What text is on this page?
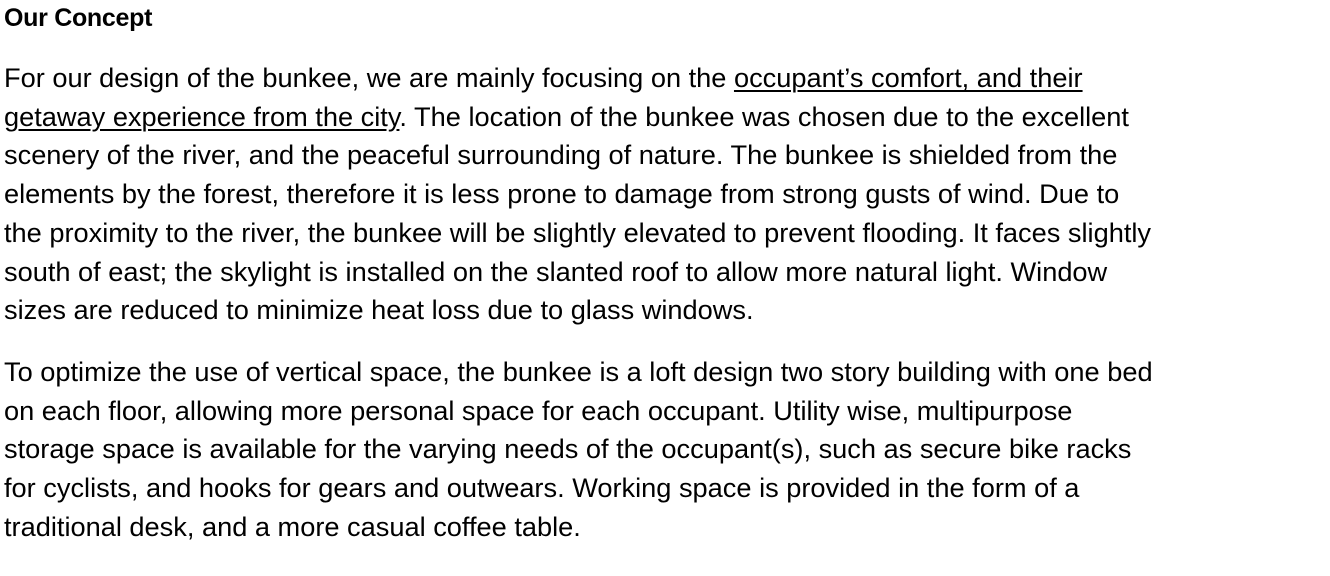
Our Concept

For our design of the bunkee, we are mainly focusing on the occupant’s comfort, and their
getaway experience from the city. The location of the bunkee was chosen due to the excellent
scenery of the river, and the peaceful surrounding of nature. The bunkee is shielded from the
elements by the forest, therefore it is less prone to damage from strong gusts of wind. Due to
the proximity to the river, the bunkee will be slightly elevated to prevent flooding. It faces slightly
south of east; the skylight is installed on the slanted roof to allow more natural light. Window
sizes are reduced to minimize heat loss due to glass windows.

To optimize the use of vertical space, the bunkee is a loft design two story building with one bed
on each floor, allowing more personal space for each occupant. Utility wise, multipurpose
storage space is available for the varying needs of the occupant(s), such as secure bike racks
for cyclists, and hooks for gears and outwears. Working space is provided in the form of a
traditional desk, and a more casual coffee table.
